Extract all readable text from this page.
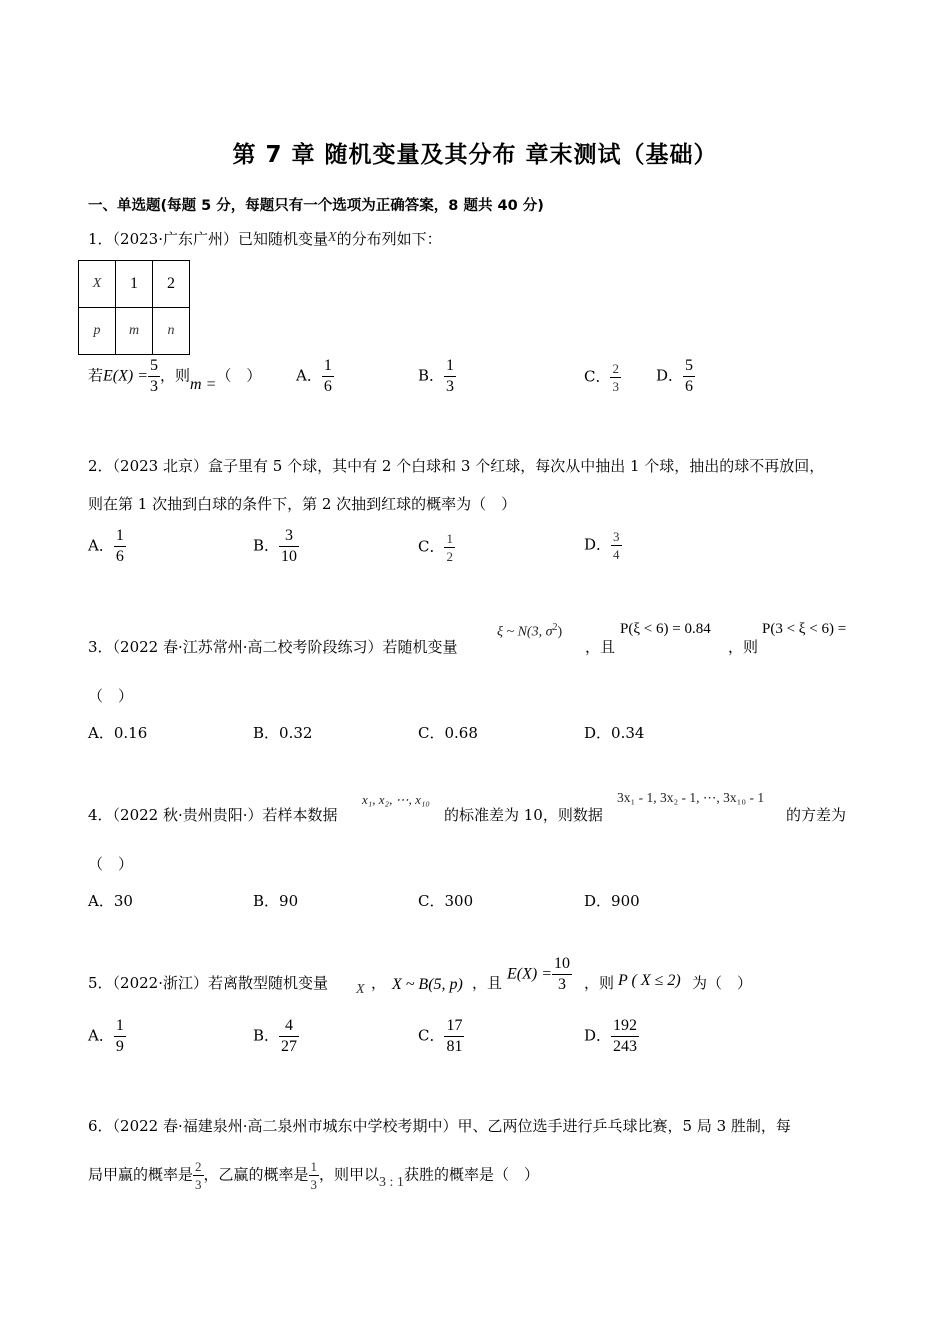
第 7 章 随机变量及其分布 章末测试（基础）
一、单选题(每题 5 分，每题只有一个选项为正确答案，8 题共 40 分)
1．（2023·广东广州）已知随机变量X的分布列如下：
X	1	2
p	m	n
若$E(X) = \frac{5}{3}$ ，则m =（　） A． $\frac{1}{6}$	B． $\frac{1}{3}$	C． $\frac{2}{3}$ D． $\frac{5}{6}$
2．（2023 北京）盒子里有 5 个球，其中有 2 个白球和 3 个红球，每次从中抽出 1 个球，抽出的球不再放回，
则在第 1 次抽到白球的条件下，第 2 次抽到红球的概率为（　）
A． $\frac{1}{6}$	B． $\frac{3}{10}$	C． $\frac{1}{2}$	D． $\frac{3}{4}$
3．（2022 春·江苏常州·高二校考阶段练习）若随机变量
ξ ~ N(3, $\sigma^2$)
，且
P(ξ < 6) = 0.84
，则
P(3 < ξ < 6) =
（　）
A．0.16	B．0.32	C．0.68	D．0.34
4．（2022 秋·贵州贵阳·）若样本数据
x₁, x₂, ⋯, x₁₀
的标准差为 10，则数据
3x₁ - 1, 3x₂ - 1, ⋯, 3x₁₀ - 1
的方差为
（　）
A．30	B．90	C．300	D．900
5．（2022·浙江）若离散型随机变量 X ， X ~ B(5, p) ，且 $E(X) = \frac{10}{3}$ ，则 P ( X ≤ 2) 为（　）
A． $\frac{1}{9}$	B． $\frac{4}{27}$	C． $\frac{17}{81}$	D． $\frac{192}{243}$
6．（2022 春·福建泉州·高二泉州市城东中学校考期中）甲、乙两位选手进行乒乓球比赛，5 局 3 胜制，每
局甲赢的概率是 $\frac{2}{3}$ ，乙赢的概率是 $\frac{1}{3}$ ，则甲以3 : 1获胜的概率是（　）
